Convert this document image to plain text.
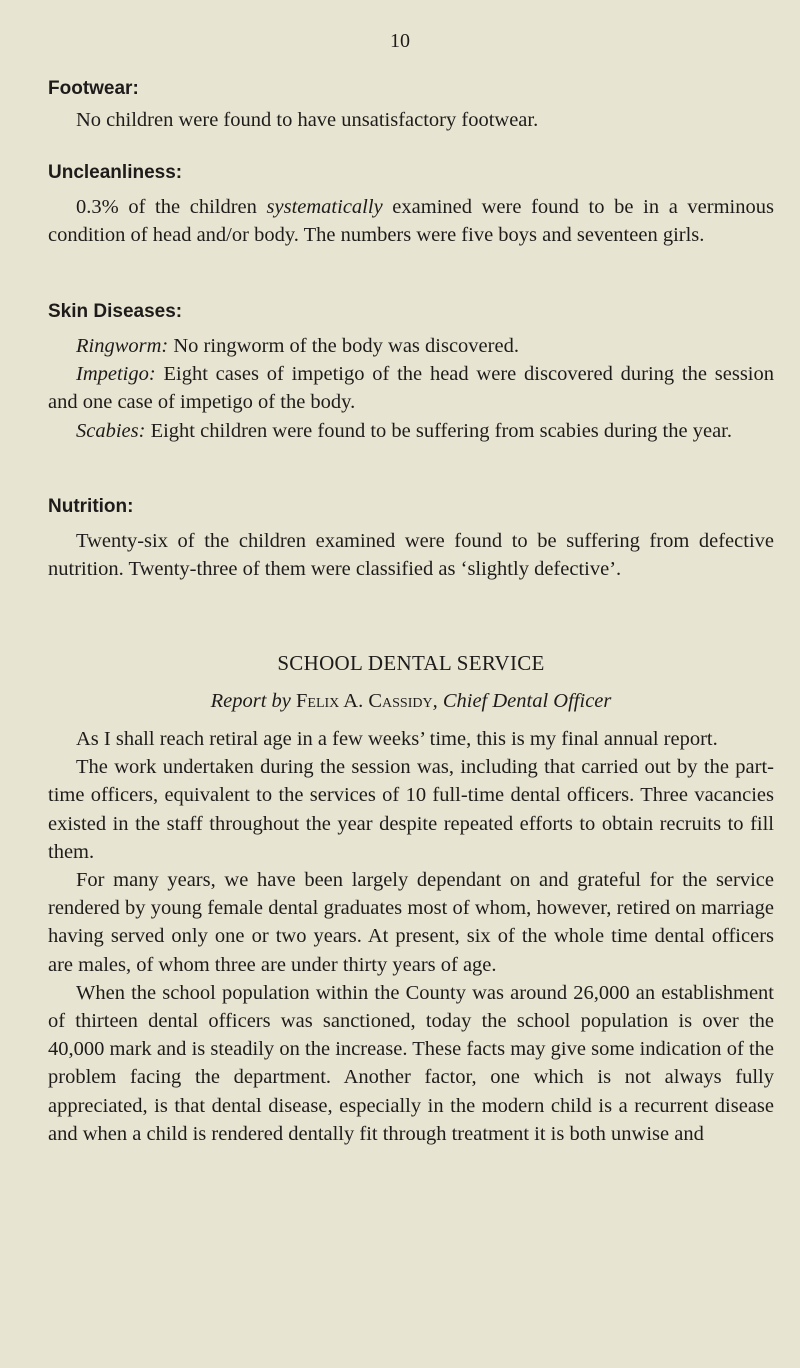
10
Footwear:

No children were found to have unsatisfactory footwear.

Uncleanliness:

0.3% of the children systematically examined were found to be in a verminous condition of head and/or body. The numbers were five boys and seventeen girls.

Skin Diseases:

Ringworm: No ringworm of the body was discovered.

Impetigo: Eight cases of impetigo of the head were discovered during the session and one case of impetigo of the body.

Scabies: Eight children were found to be suffering from scabies during the year.

Nutrition:

Twenty-six of the children examined were found to be suffering from defective nutrition. Twenty-three of them were classified as ‘slightly defective’.

SCHOOL DENTAL SERVICE
Report by Felix A. Cassidy, Chief Dental Officer

As I shall reach retiral age in a few weeks’ time, this is my final annual report.

The work undertaken during the session was, including that carried out by the part-time officers, equivalent to the services of 10 full-time dental officers. Three vacancies existed in the staff throughout the year despite repeated efforts to obtain recruits to fill them.

For many years, we have been largely dependant on and grateful for the service rendered by young female dental graduates most of whom, however, retired on marriage having served only one or two years. At present, six of the whole time dental officers are males, of whom three are under thirty years of age.

When the school population within the County was around 26,000 an establishment of thirteen dental officers was sanctioned, today the school population is over the 40,000 mark and is steadily on the increase. These facts may give some indication of the problem facing the department. Another factor, one which is not always fully appreciated, is that dental disease, especially in the modern child is a recurrent disease and when a child is rendered dentally fit through treatment it is both unwise and
